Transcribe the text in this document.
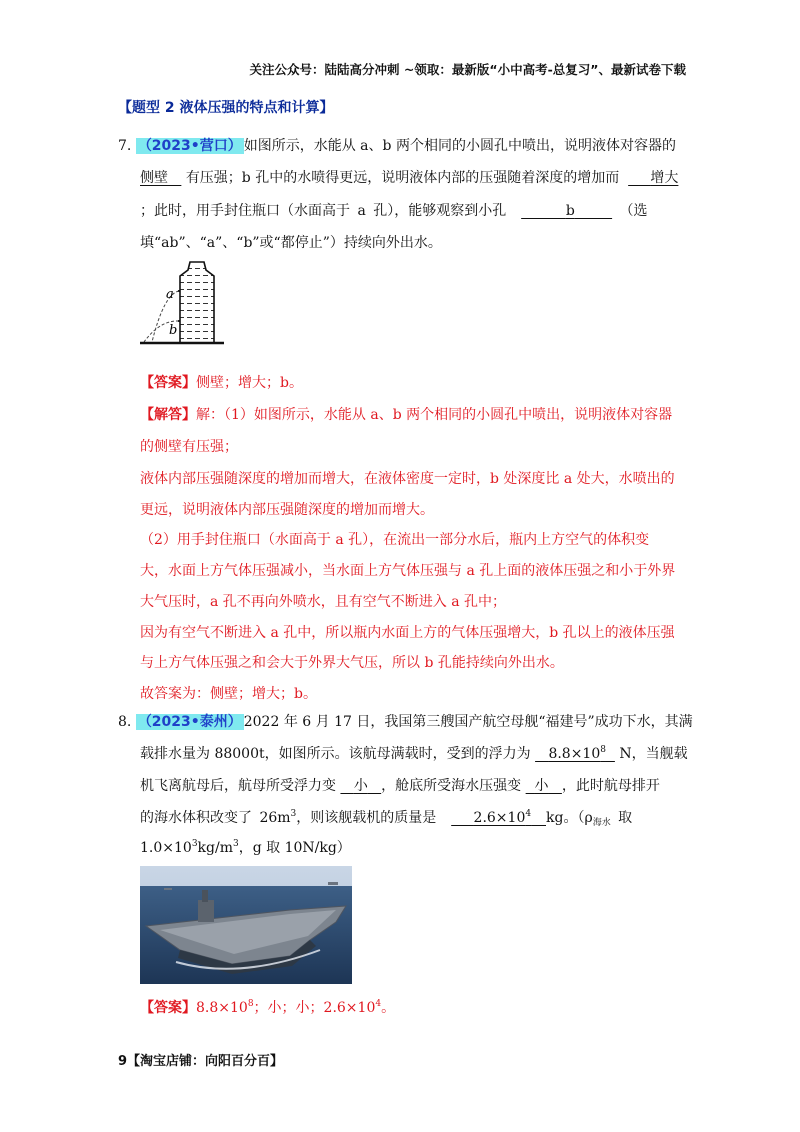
关注公众号：陆陆高分冲刺 ~领取：最新版“小中高考-总复习”、最新试卷下载
【题型 2 液体压强的特点和计算】
7. （2023•营口） 如图所示，水能从 a、b 两个相同的小圆孔中喷出，说明液体对容器的
侧壁 有压强；b 孔中的水喷得更远，说明液体内部的压强随着深度的增加而 增大
；此时，用手封住瓶口（水面高于 a 孔），能够观察到小孔	b	（选
填“ab”、“a”、“b”或“都停止”）持续向外出水。
a
b
【答案】侧壁；增大；b。
【解答】解：（1）如图所示，水能从 a、b 两个相同的小圆孔中喷出，说明液体对容器
的侧壁有压强；
液体内部压强随深度的增加而增大，在液体密度一定时，b 处深度比 a 处大，水喷出的
更远，说明液体内部压强随深度的增加而增大。
（2）用手封住瓶口（水面高于 a 孔），在流出一部分水后，瓶内上方空气的体积变
大，水面上方气体压强减小，当水面上方气体压强与 a 孔上面的液体压强之和小于外界
大气压时，a 孔不再向外喷水，且有空气不断进入 a 孔中；
因为有空气不断进入 a 孔中，所以瓶内水面上方的气体压强增大，b 孔以上的液体压强
与上方气体压强之和会大于外界大气压，所以 b 孔能持续向外出水。
故答案为：侧壁；增大；b。
8. （2023•泰州） 2022 年 6 月 17 日，我国第三艘国产航空母舰“福建号”成功下水，其满
载排水量为 88000t，如图所示。该航母满载时，受到的浮力为 $8.8\times 10^8$ N，当舰载
机飞离航母后，航母所受浮力变 小 ，舱底所受海水压强变 小 ，此时航母排开
的海水体积改变了 $26m^3$，则该舰载机的质量是	$2.6\times 10^4$ kg。（$\rho_{海水}$ 取
$1.0\times 10^3kg/m^3$，g 取 10N/kg）
【答案】$8.8\times 10^8$；小；小；$2.6\times 10^4$。
9【淘宝店铺：向阳百分百】
